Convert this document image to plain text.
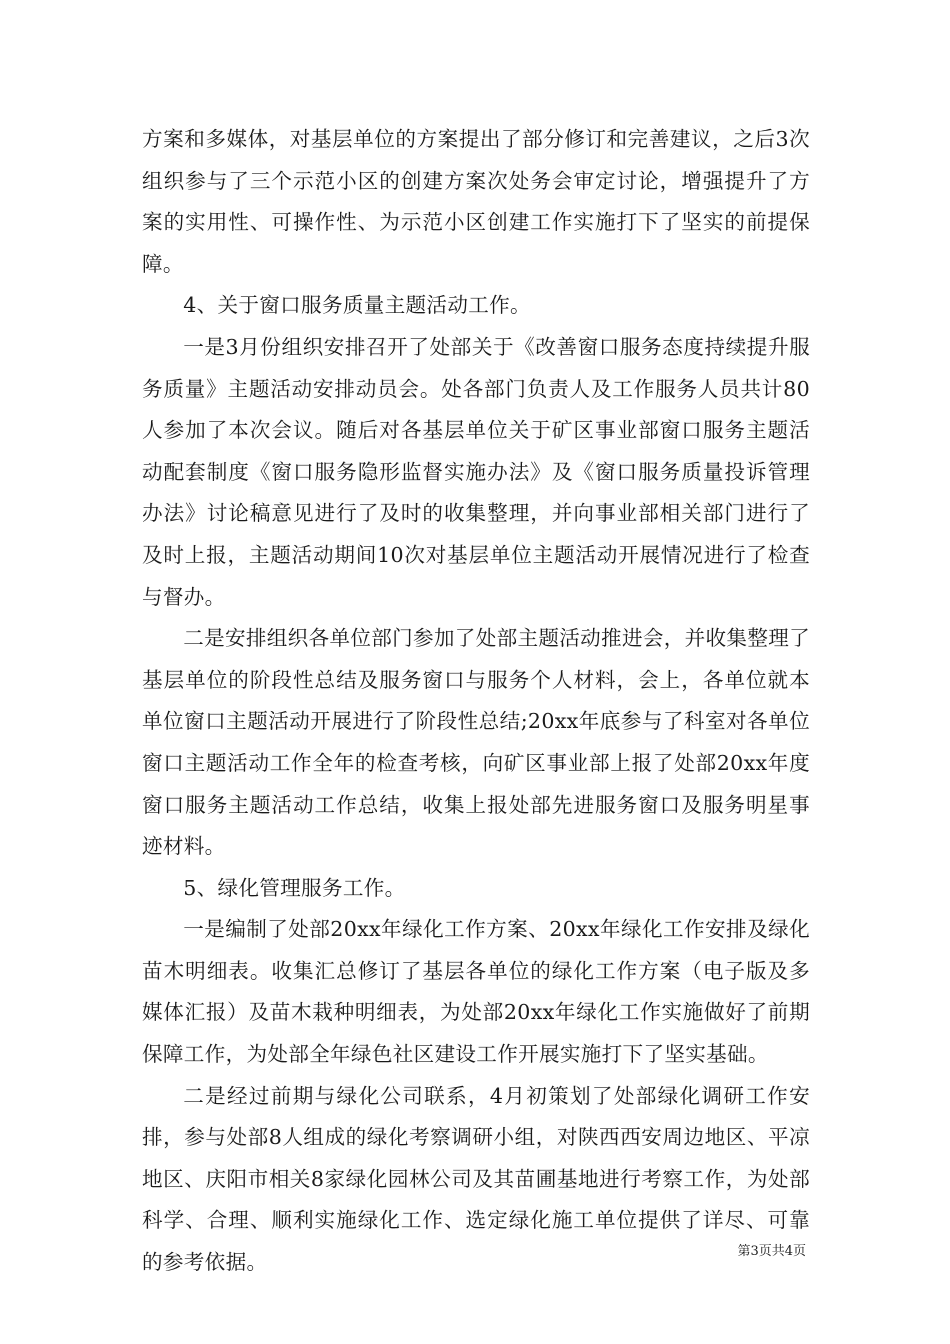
方案和多媒体，对基层单位的方案提出了部分修订和完善建议，之后3次组织参与了三个示范小区的创建方案次处务会审定讨论，增强提升了方案的实用性、可操作性、为示范小区创建工作实施打下了坚实的前提保障。

4、关于窗口服务质量主题活动工作。

一是3月份组织安排召开了处部关于《改善窗口服务态度持续提升服务质量》主题活动安排动员会。处各部门负责人及工作服务人员共计80人参加了本次会议。随后对各基层单位关于矿区事业部窗口服务主题活动配套制度《窗口服务隐形监督实施办法》及《窗口服务质量投诉管理办法》讨论稿意见进行了及时的收集整理，并向事业部相关部门进行了及时上报，主题活动期间10次对基层单位主题活动开展情况进行了检查与督办。

二是安排组织各单位部门参加了处部主题活动推进会，并收集整理了基层单位的阶段性总结及服务窗口与服务个人材料，会上，各单位就本单位窗口主题活动开展进行了阶段性总结;20xx年底参与了科室对各单位窗口主题活动工作全年的检查考核，向矿区事业部上报了处部20xx年度窗口服务主题活动工作总结，收集上报处部先进服务窗口及服务明星事迹材料。

5、绿化管理服务工作。

一是编制了处部20xx年绿化工作方案、20xx年绿化工作安排及绿化苗木明细表。收集汇总修订了基层各单位的绿化工作方案（电子版及多媒体汇报）及苗木栽种明细表，为处部20xx年绿化工作实施做好了前期保障工作，为处部全年绿色社区建设工作开展实施打下了坚实基础。

二是经过前期与绿化公司联系，4月初策划了处部绿化调研工作安排，参与处部8人组成的绿化考察调研小组，对陕西西安周边地区、平凉地区、庆阳市相关8家绿化园林公司及其苗圃基地进行考察工作，为处部科学、合理、顺利实施绿化工作、选定绿化施工单位提供了详尽、可靠的参考依据。	第3页共4页
